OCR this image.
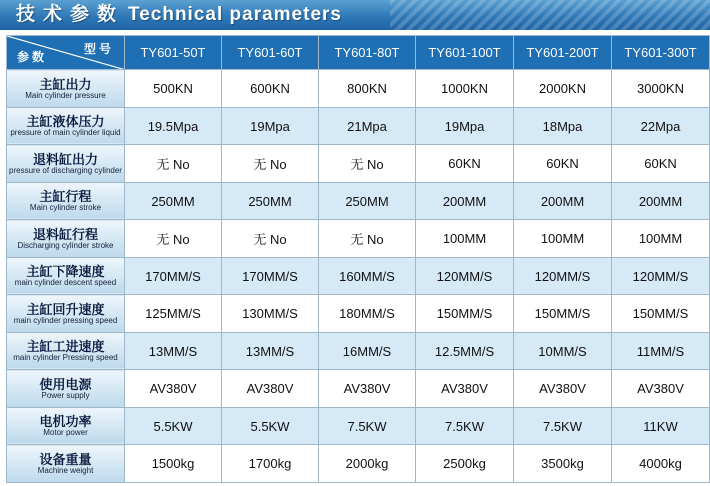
技术参数 Technical parameters
型号
参数	TY601-50T	TY601-60T	TY601-80T	TY601-100T	TY601-200T	TY601-300T

主缸出力
Main cylinder pressure	500KN	600KN	800KN	1000KN	2000KN	3000KN

主缸液体压力
pressure of main cylinder liquid	19.5Mpa	19Mpa	21Mpa	19Mpa	18Mpa	22Mpa

退料缸出力
pressure of discharging cylinder	无 No	无 No	无 No	60KN	60KN	60KN

主缸行程
Main cylinder stroke	250MM	250MM	250MM	200MM	200MM	200MM

退料缸行程
Discharging cylinder stroke	无 No	无 No	无 No	100MM	100MM	100MM

主缸下降速度
main cylinder descent speed	170MM/S	170MM/S	160MM/S	120MM/S	120MM/S	120MM/S

主缸回升速度
main cylinder pressing speed	125MM/S	130MM/S	180MM/S	150MM/S	150MM/S	150MM/S

主缸工进速度
main cylinder Pressing speed	13MM/S	13MM/S	16MM/S	12.5MM/S	10MM/S	11MM/S

使用电源
Power supply	AV380V	AV380V	AV380V	AV380V	AV380V	AV380V

电机功率
Motor power	5.5KW	5.5KW	7.5KW	7.5KW	7.5KW	11KW

设备重量
Machine weight	1500kg	1700kg	2000kg	2500kg	3500kg	4000kg
